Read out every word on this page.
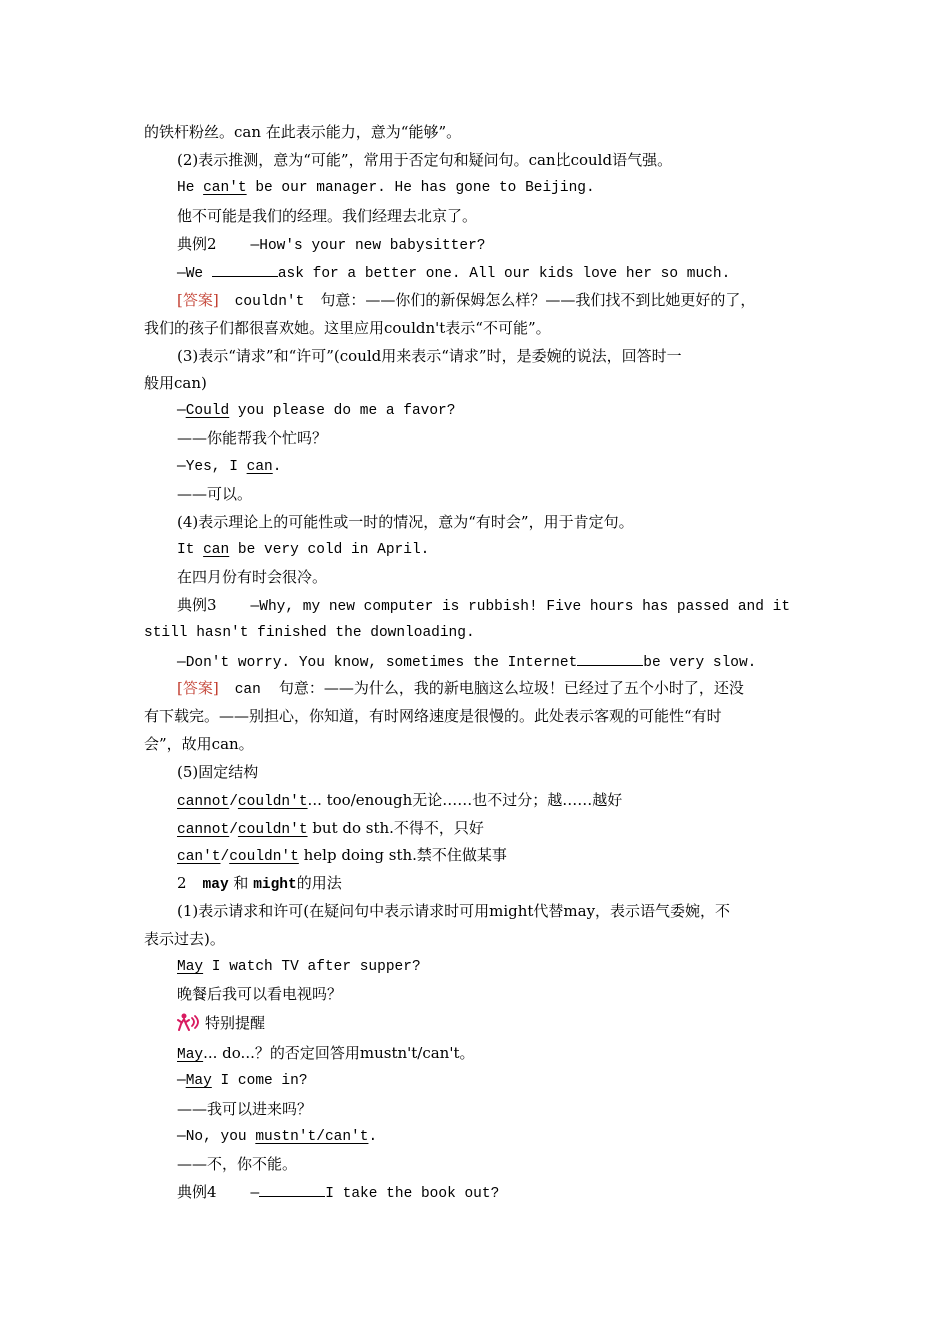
的铁杆粉丝。can 在此表示能力，意为“能够”。
(2)表示推测，意为“可能”，常用于否定句和疑问句。can比could语气强。
He can't be our manager. He has gone to Beijing.
他不可能是我们的经理。我们经理去北京了。
典例2 —How's your new babysitter?
—We	ask for a better one. All our kids love her so much.
[答案] couldn't 句意：——你们的新保姆怎么样？——我们找不到比她更好的了，
我们的孩子们都很喜欢她。这里应用couldn't表示“不可能”。
(3)表示“请求”和“许可”(could用来表示“请求”时，是委婉的说法，回答时一
般用can)
—Could you please do me a favor?
——你能帮我个忙吗？
—Yes, I can.
——可以。
(4)表示理论上的可能性或一时的情况，意为“有时会”，用于肯定句。
It can be very cold in April.
在四月份有时会很冷。
典例3 —Why, my new computer is rubbish! Five hours has passed and it
still hasn't finished the downloading.
—Don't worry. You know, sometimes the Internet	be very slow.
[答案] can 句意：——为什么，我的新电脑这么垃圾！已经过了五个小时了，还没
有下载完。——别担心，你知道，有时网络速度是很慢的。此处表示客观的可能性“有时
会”，故用can。
(5)固定结构
cannot/couldn't... too/enough无论……也不过分；越……越好
cannot/couldn't but do sth.不得不，只好
can't/couldn't help doing sth.禁不住做某事
2 may 和 might的用法
(1)表示请求和许可(在疑问句中表示请求时可用might代替may，表示语气委婉，不
表示过去)。
May I watch TV after supper?
晚餐后我可以看电视吗？
特别提醒
May... do...？的否定回答用mustn't/can't。
—May I come in?
——我可以进来吗？
—No, you mustn't/can't.
——不，你不能。
典例4 —	I take the book out?
